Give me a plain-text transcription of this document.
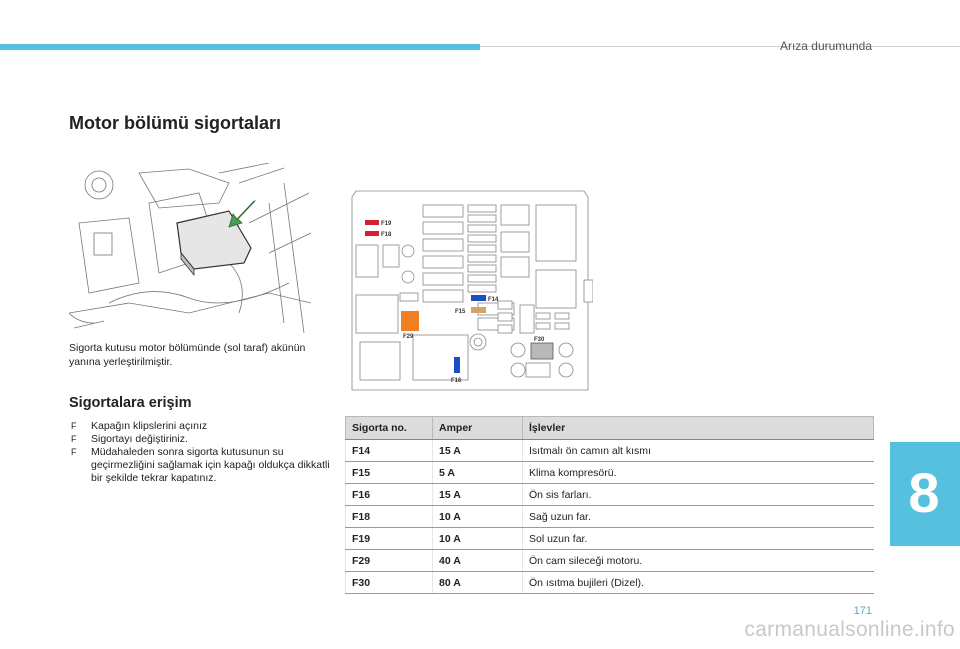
Arıza durumunda
Motor bölümü sigortaları
Sigorta kutusu motor bölümünde (sol taraf) akünün yanına yerleştirilmiştir.
Sigortalara erişim
F Kapağın klipslerini açınız
F Sigortayı değiştiriniz.
F Müdahaleden sonra sigorta kutusunun su geçirmezliğini sağlamak için kapağı oldukça dikkatli bir şekilde tekrar kapatınız.
F19
F18
F14
F15
F29	F30
F16
Sigorta no.	Amper	İşlevler
F14	15 A	Isıtmalı ön camın alt kısmı
F15	5 A	Klima kompresörü.
F16	15 A	Ön sis farları.
F18	10 A	Sağ uzun far.
F19	10 A	Sol uzun far.
F29	40 A	Ön cam sileceği motoru.
F30	80 A	Ön ısıtma bujileri (Dizel).
8
171
carmanualsonline.info
